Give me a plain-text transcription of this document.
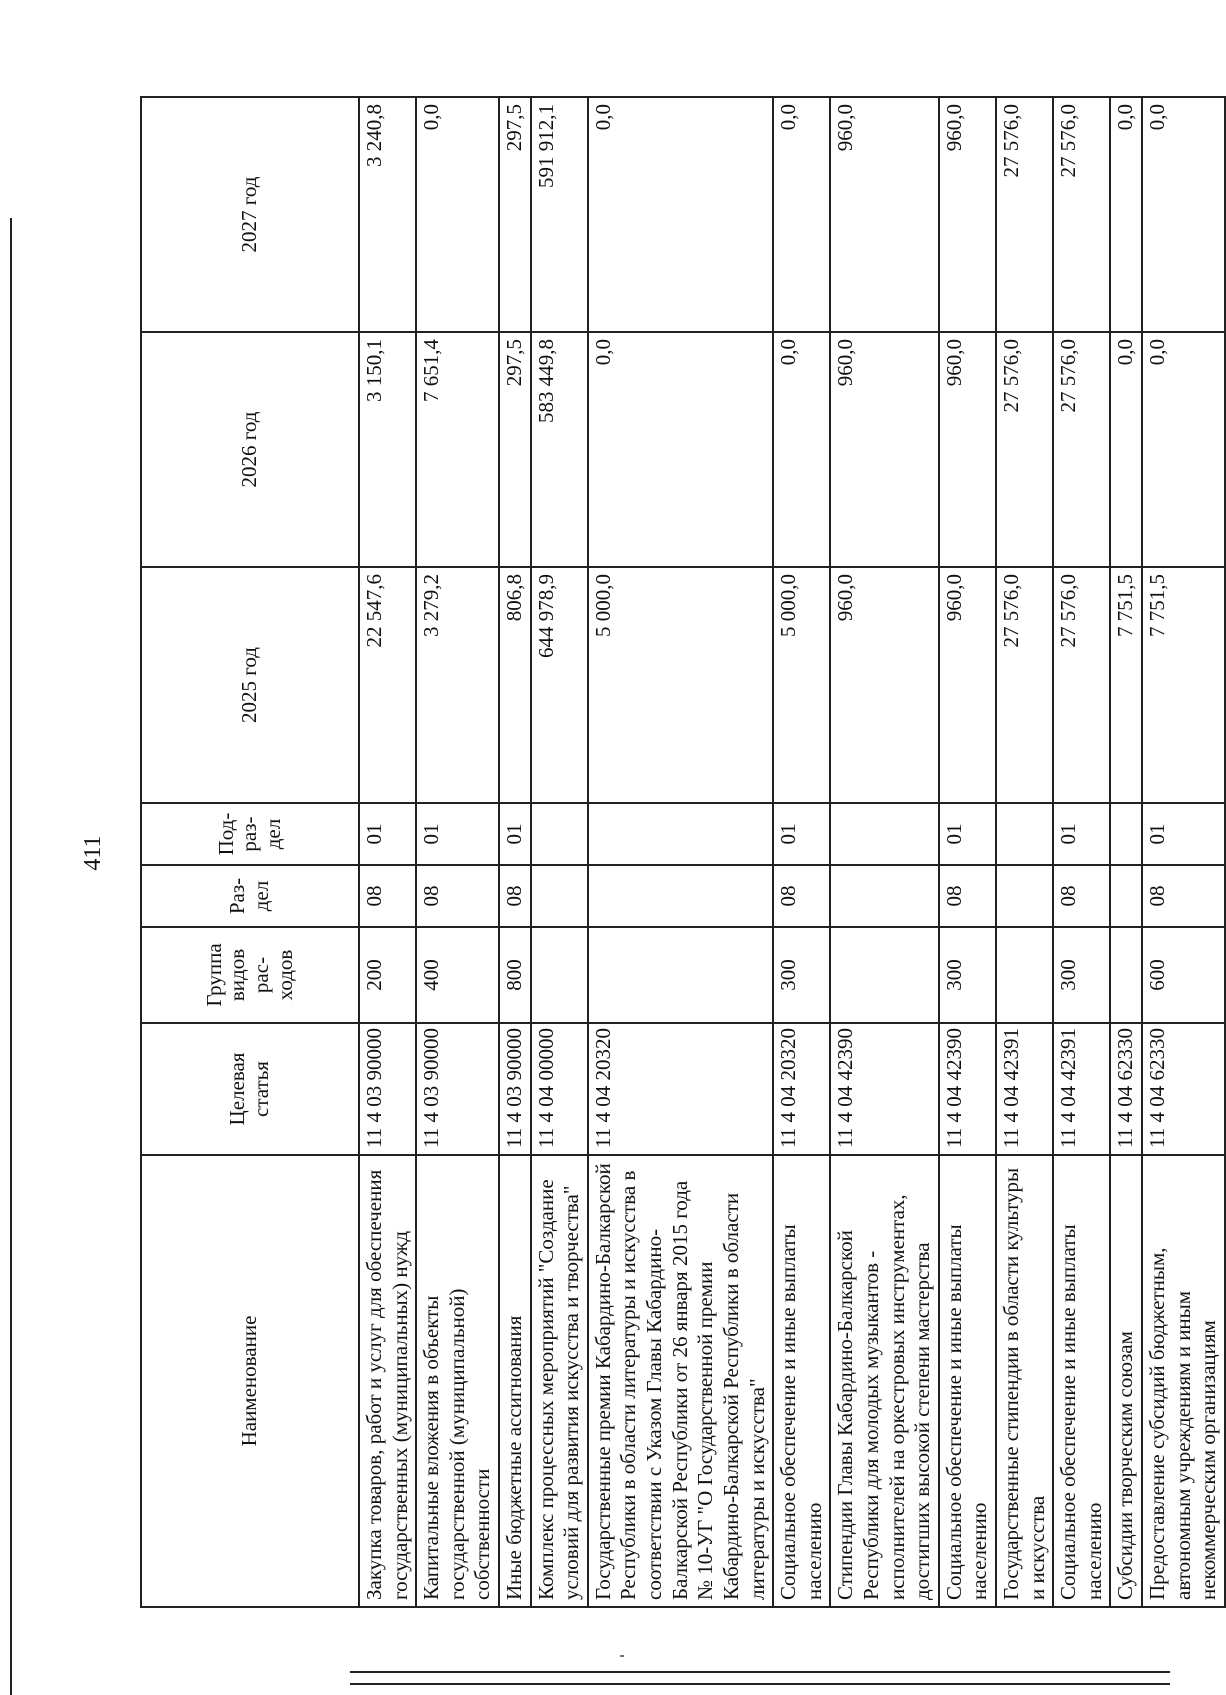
411
Наименование	Целевая статья	Группа видов рас-ходов	Раз-дел	Под-раз-дел	2025 год	2026 год	2027 год
Закупка товаров, работ и услуг для обеспечения государственных (муниципальных) нужд	11 4 03 90000	200	08	01	22 547,6	3 150,1	3 240,8
Капитальные вложения в объекты государственной (муниципальной) собственности	11 4 03 90000	400	08	01	3 279,2	7 651,4	0,0
Иные бюджетные ассигнования	11 4 03 90000	800	08	01	806,8	297,5	297,5
Комплекс процессных мероприятий "Создание условий для развития искусства и творчества"	11 4 04 00000				644 978,9	583 449,8	591 912,1
Государственные премии Кабардино-Балкарской Республики в области литературы и искусства в соответствии с Указом Главы Кабардино-Балкарской Республики от 26 января 2015 года № 10-УГ "О Государственной премии Кабардино-Балкарской Республики в области литературы и искусства"	11 4 04 20320				5 000,0	0,0	0,0
Социальное обеспечение и иные выплаты населению	11 4 04 20320	300	08	01	5 000,0	0,0	0,0
Стипендии Главы Кабардино-Балкарской Республики для молодых музыкантов - исполнителей на оркестровых инструментах, достигших высокой степени мастерства	11 4 04 42390				960,0	960,0	960,0
Социальное обеспечение и иные выплаты населению	11 4 04 42390	300	08	01	960,0	960,0	960,0
Государственные стипендии в области культуры и искусства	11 4 04 42391				27 576,0	27 576,0	27 576,0
Социальное обеспечение и иные выплаты населению	11 4 04 42391	300	08	01	27 576,0	27 576,0	27 576,0
Субсидии творческим союзам	11 4 04 62330				7 751,5	0,0	0,0
Предоставление субсидий бюджетным, автономным учреждениям и иным некоммерческим организациям	11 4 04 62330	600	08	01	7 751,5	0,0	0,0
